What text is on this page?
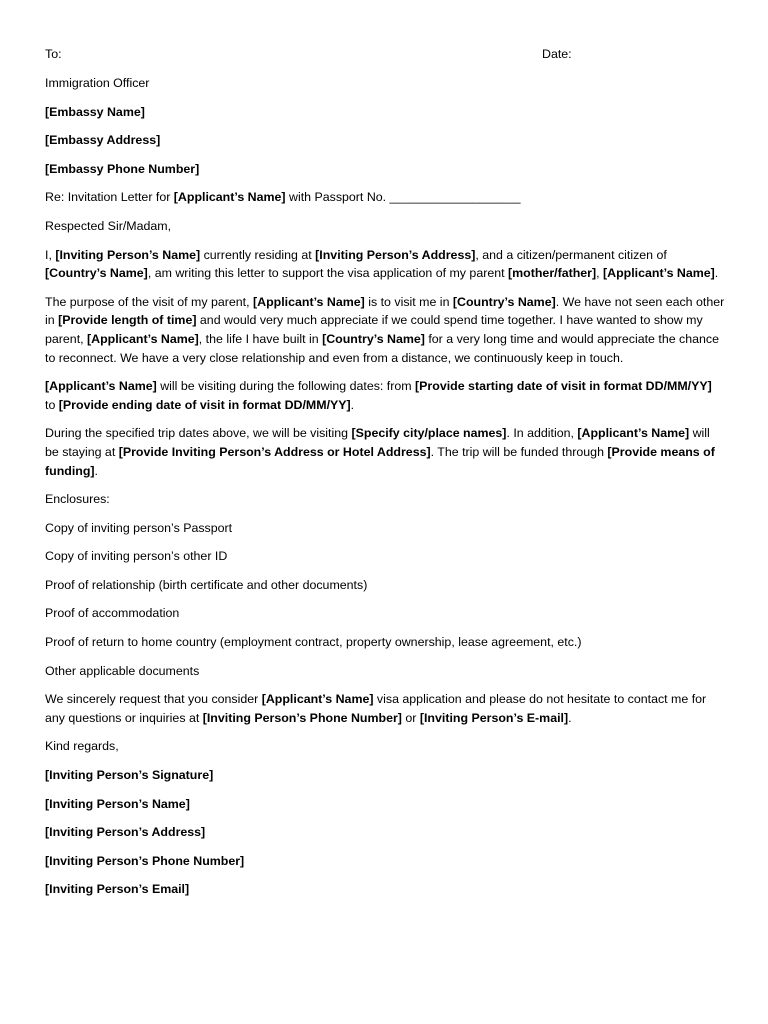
To:	Date:

Immigration Officer

[Embassy Name]

[Embassy Address]

[Embassy Phone Number]

Re: Invitation Letter for [Applicant’s Name] with Passport No. ___________________

Respected Sir/Madam,

I, [Inviting Person’s Name] currently residing at [Inviting Person’s Address], and a citizen/permanent citizen of [Country’s Name], am writing this letter to support the visa application of my parent [mother/father], [Applicant’s Name].

The purpose of the visit of my parent, [Applicant’s Name] is to visit me in [Country’s Name]. We have not seen each other in [Provide length of time] and would very much appreciate if we could spend time together. I have wanted to show my parent, [Applicant’s Name], the life I have built in [Country’s Name] for a very long time and would appreciate the chance to reconnect. We have a very close relationship and even from a distance, we continuously keep in touch.

[Applicant’s Name] will be visiting during the following dates: from [Provide starting date of visit in format DD/MM/YY] to [Provide ending date of visit in format DD/MM/YY].

During the specified trip dates above, we will be visiting [Specify city/place names]. In addition, [Applicant’s Name] will be staying at [Provide Inviting Person’s Address or Hotel Address]. The trip will be funded through [Provide means of funding].

Enclosures:

Copy of inviting person’s Passport

Copy of inviting person’s other ID

Proof of relationship (birth certificate and other documents)

Proof of accommodation

Proof of return to home country (employment contract, property ownership, lease agreement, etc.)

Other applicable documents

We sincerely request that you consider [Applicant’s Name] visa application and please do not hesitate to contact me for any questions or inquiries at [Inviting Person’s Phone Number] or [Inviting Person’s E-mail].

Kind regards,

[Inviting Person’s Signature]

[Inviting Person’s Name]

[Inviting Person’s Address]

[Inviting Person’s Phone Number]

[Inviting Person’s Email]
